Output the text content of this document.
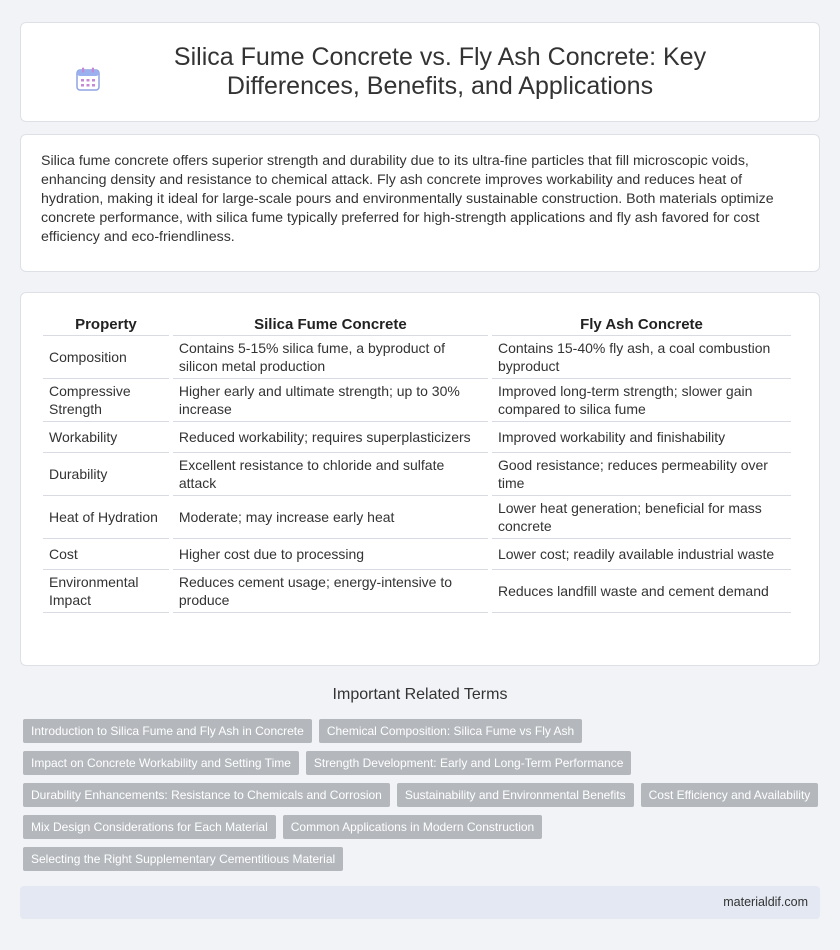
Silica Fume Concrete vs. Fly Ash Concrete: Key Differences, Benefits, and Applications

Silica fume concrete offers superior strength and durability due to its ultra-fine particles that fill microscopic voids, enhancing density and resistance to chemical attack. Fly ash concrete improves workability and reduces heat of hydration, making it ideal for large-scale pours and environmentally sustainable construction. Both materials optimize concrete performance, with silica fume typically preferred for high-strength applications and fly ash favored for cost efficiency and eco-friendliness.

Property	Silica Fume Concrete	Fly Ash Concrete
Composition	Contains 5-15% silica fume, a byproduct of silicon metal production	Contains 15-40% fly ash, a coal combustion byproduct
Compressive Strength	Higher early and ultimate strength; up to 30% increase	Improved long-term strength; slower gain compared to silica fume
Workability	Reduced workability; requires superplasticizers	Improved workability and finishability
Durability	Excellent resistance to chloride and sulfate attack	Good resistance; reduces permeability over time
Heat of Hydration	Moderate; may increase early heat	Lower heat generation; beneficial for mass concrete
Cost	Higher cost due to processing	Lower cost; readily available industrial waste
Environmental Impact	Reduces cement usage; energy-intensive to produce	Reduces landfill waste and cement demand
Important Related Terms
Introduction to Silica Fume and Fly Ash in Concrete	Chemical Composition: Silica Fume vs Fly Ash
Impact on Concrete Workability and Setting Time	Strength Development: Early and Long-Term Performance
Durability Enhancements: Resistance to Chemicals and Corrosion	Sustainability and Environmental Benefits	Cost Efficiency and Availability
Mix Design Considerations for Each Material	Common Applications in Modern Construction
Selecting the Right Supplementary Cementitious Material
materialdif.com
